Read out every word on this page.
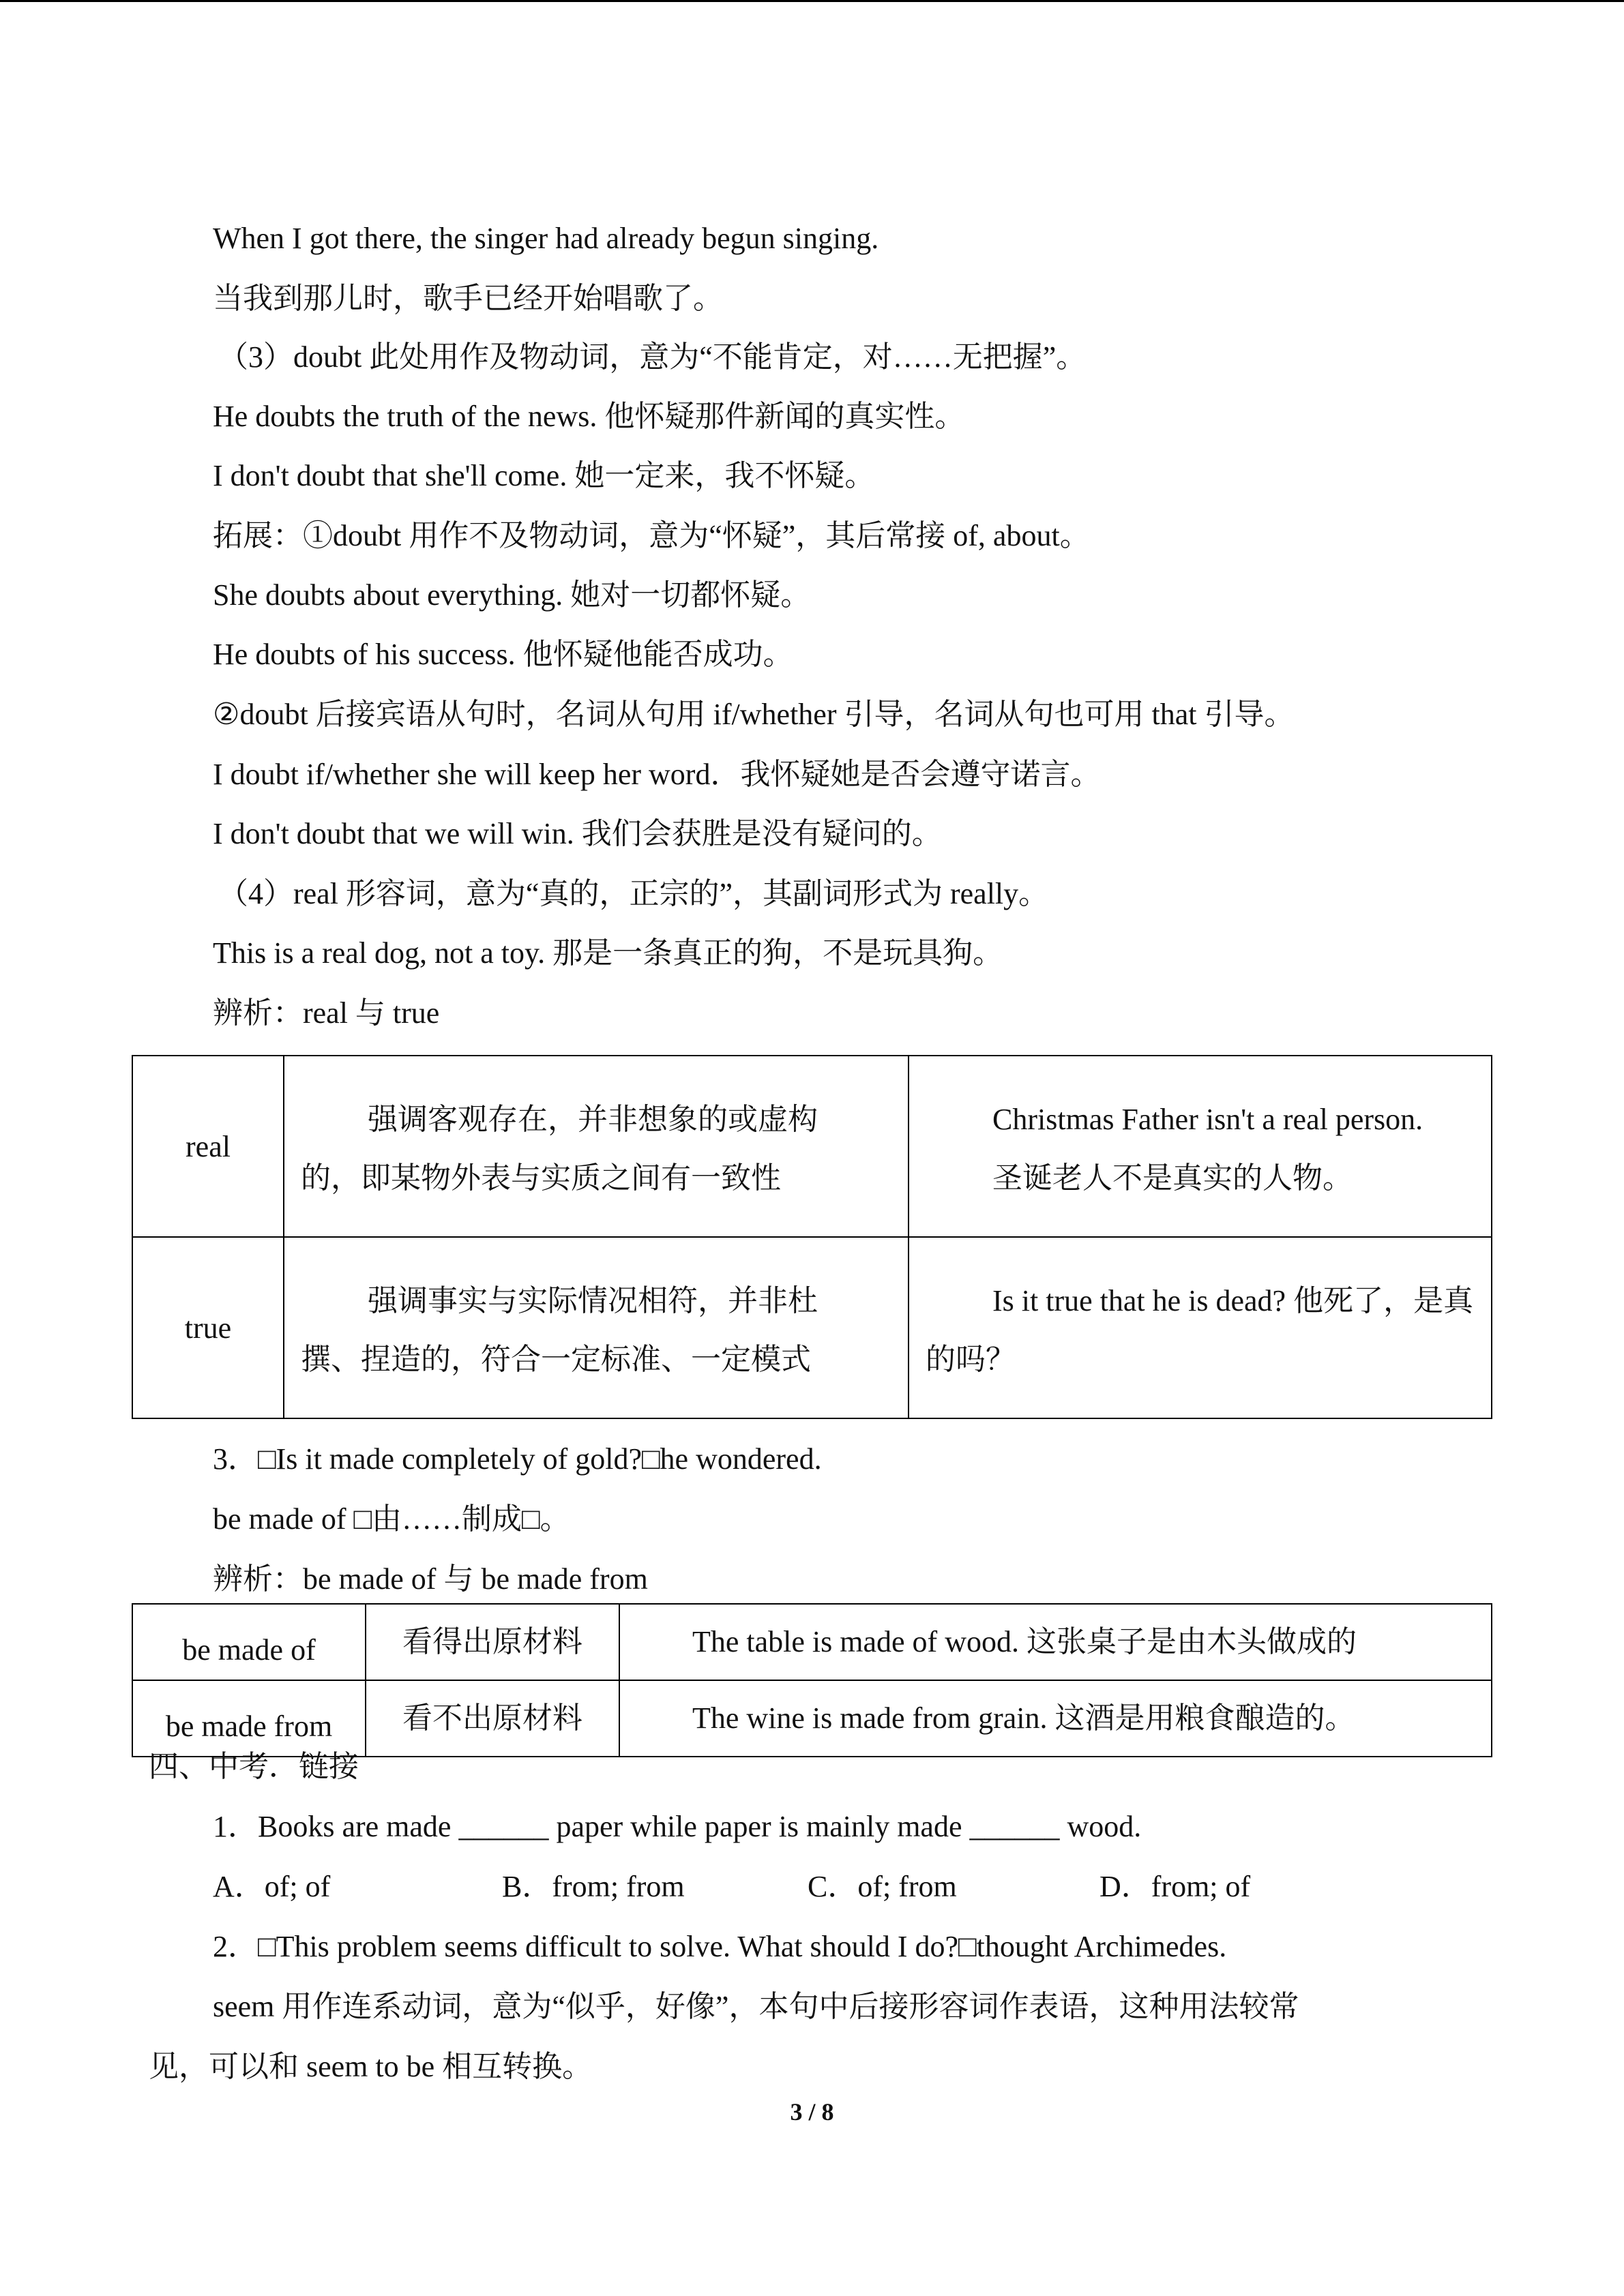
When I got there, the singer had already begun singing.
当我到那儿时，歌手已经开始唱歌了。
（3）doubt 此处用作及物动词，意为“不能肯定，对……无把握”。
He doubts the truth of the news. 他怀疑那件新闻的真实性。
I don't doubt that she'll come. 她一定来，我不怀疑。
拓展：①doubt 用作不及物动词，意为“怀疑”，其后常接 of, about。
She doubts about everything. 她对一切都怀疑。
He doubts of his success. 他怀疑他能否成功。
②doubt 后接宾语从句时，名词从句用 if/whether 引导，名词从句也可用 that 引导。
I doubt if/whether she will keep her word．我怀疑她是否会遵守诺言。
I don't doubt that we will win. 我们会获胜是没有疑问的。
（4）real 形容词，意为“真的，正宗的”，其副词形式为 really。
This is a real dog, not a toy. 那是一条真正的狗，不是玩具狗。
辨析：real 与 true
real	强调客观存在，并非想象的或虚构的，即某物外表与实质之间有一致性	Christmas Father isn't a real person.
圣诞老人不是真实的人物。

true	强调事实与实际情况相符，并非杜撰、捏造的，符合一定标准、一定模式	Is it true that he is dead? 他死了，是真的吗？
3．□Is it made completely of gold?□he wondered.
be made of □由……制成□。
辨析：be made of 与 be made from
be made of	看得出原材料	The table is made of wood. 这张桌子是由木头做成的
be made from	看不出原材料	The wine is made from grain. 这酒是用粮食酿造的。
四、中考．链接
1．Books are made ______ paper while paper is mainly made ______ wood.
A．of; of	B．from; from	C．of; from	D．from; of
2．□This problem seems difficult to solve. What should I do?□thought Archimedes.
seem 用作连系动词，意为“似乎，好像”，本句中后接形容词作表语，这种用法较常
见，可以和 seem to be 相互转换。
3 / 8
